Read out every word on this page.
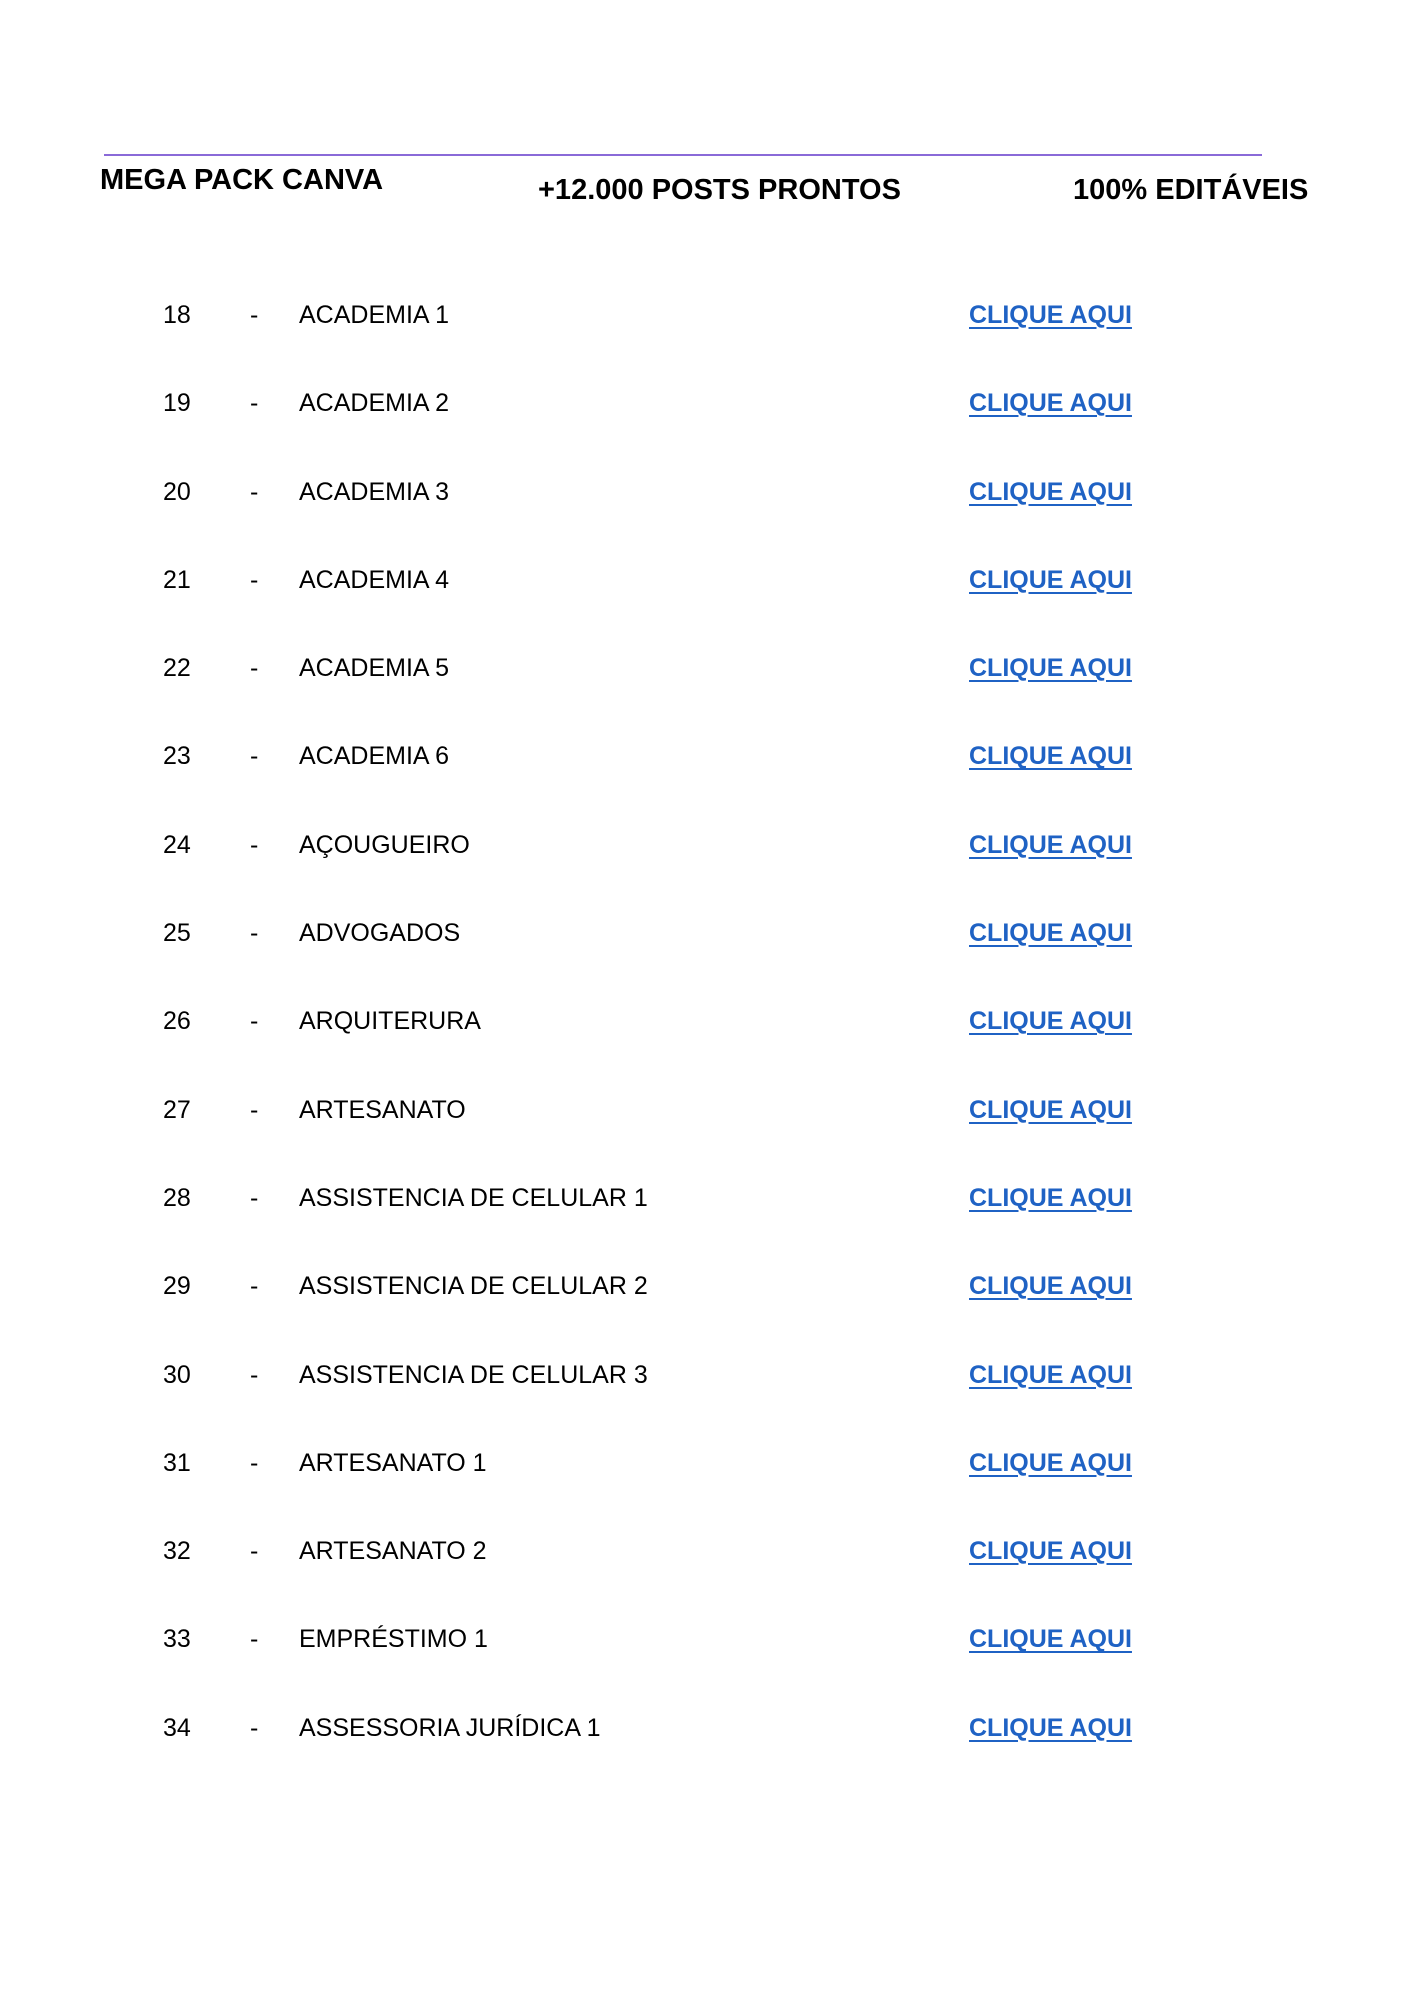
MEGA PACK CANVA	+12.000 POSTS PRONTOS	100% EDITÁVEIS
18 - ACADEMIA 1	CLIQUE AQUI
19 - ACADEMIA 2	CLIQUE AQUI
20 - ACADEMIA 3	CLIQUE AQUI
21 - ACADEMIA 4	CLIQUE AQUI
22 - ACADEMIA 5	CLIQUE AQUI
23 - ACADEMIA 6	CLIQUE AQUI
24 - AÇOUGUEIRO	CLIQUE AQUI
25 - ADVOGADOS	CLIQUE AQUI
26 - ARQUITERURA	CLIQUE AQUI
27 - ARTESANATO	CLIQUE AQUI
28 - ASSISTENCIA DE CELULAR 1	CLIQUE AQUI
29 - ASSISTENCIA DE CELULAR 2	CLIQUE AQUI
30 - ASSISTENCIA DE CELULAR 3	CLIQUE AQUI
31 - ARTESANATO 1	CLIQUE AQUI
32 - ARTESANATO 2	CLIQUE AQUI
33 - EMPRÉSTIMO 1	CLIQUE AQUI
34 - ASSESSORIA JURÍDICA 1	CLIQUE AQUI
